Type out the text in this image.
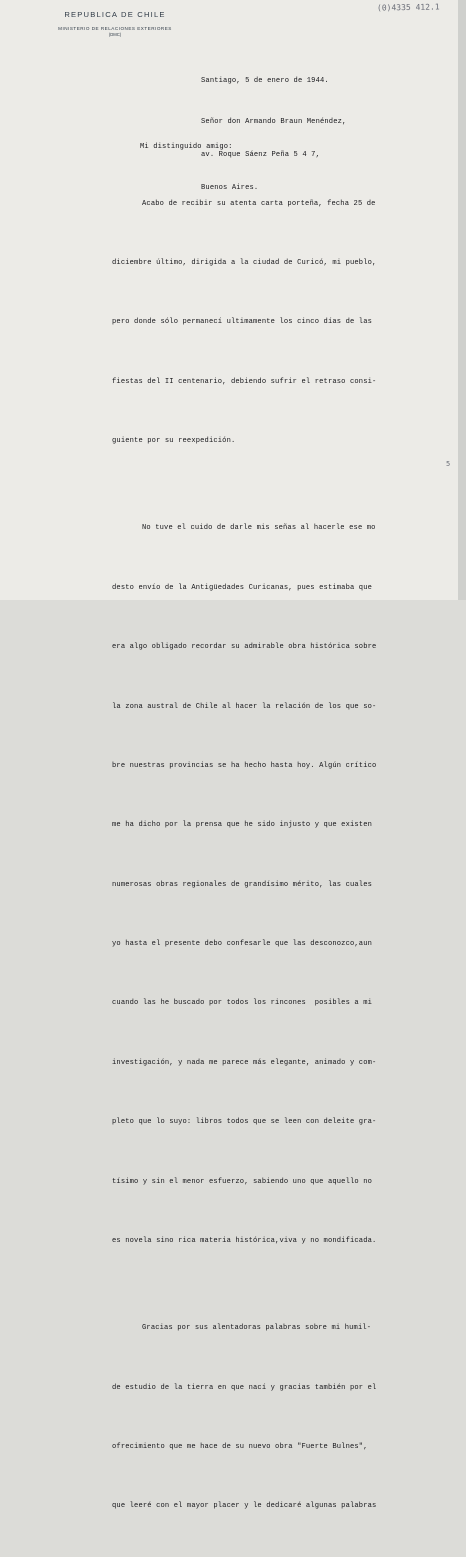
REPUBLICA DE CHILE
MINISTERIO DE RELACIONES EXTERIORES
(DMC)
(0)4335 412.1
Santiago, 5 de enero de 1944.

Señor don Armando Braun Menéndez,

av. Roque Sáenz Peña 5 4 7,

Buenos Aires.

Mi distinguido amigo:

Acabo de recibir su atenta carta porteña, fecha 25 de

diciembre último, dirigida a la ciudad de Curicó, mi pueblo,

pero donde sólo permanecí ultimamente los cinco días de las

fiestas del II centenario, debiendo sufrir el retraso consi-

guiente por su reexpedición.

No tuve el cuido de darle mis señas al hacerle ese mo

desto envío de la Antigüedades Curicanas, pues estimaba que

era algo obligado recordar su admirable obra histórica sobre

la zona austral de Chile al hacer la relación de los que so-

bre nuestras provincias se ha hecho hasta hoy. Algún crítico

me ha dicho por la prensa que he sido injusto y que existen

numerosas obras regionales de grandísimo mérito, las cuales

yo hasta el presente debo confesarle que las desconozco,aun

cuando las he buscado por todos los rincones  posibles a mi

investigación, y nada me parece más elegante, animado y com-

pleto que lo suyo: libros todos que se leen con deleite gra-

tísimo y sin el menor esfuerzo, sabiendo uno que aquello no

es novela sino rica materia histórica,viva y no mondificada.

Gracias por sus alentadoras palabras sobre mi humil-

de estudio de la tierra en que nací y gracias también por el

ofrecimiento que me hace de su nuevo obra "Fuerte Bulnes",

que leeré con el mayor placer y le dedicaré algunas palabras

5
